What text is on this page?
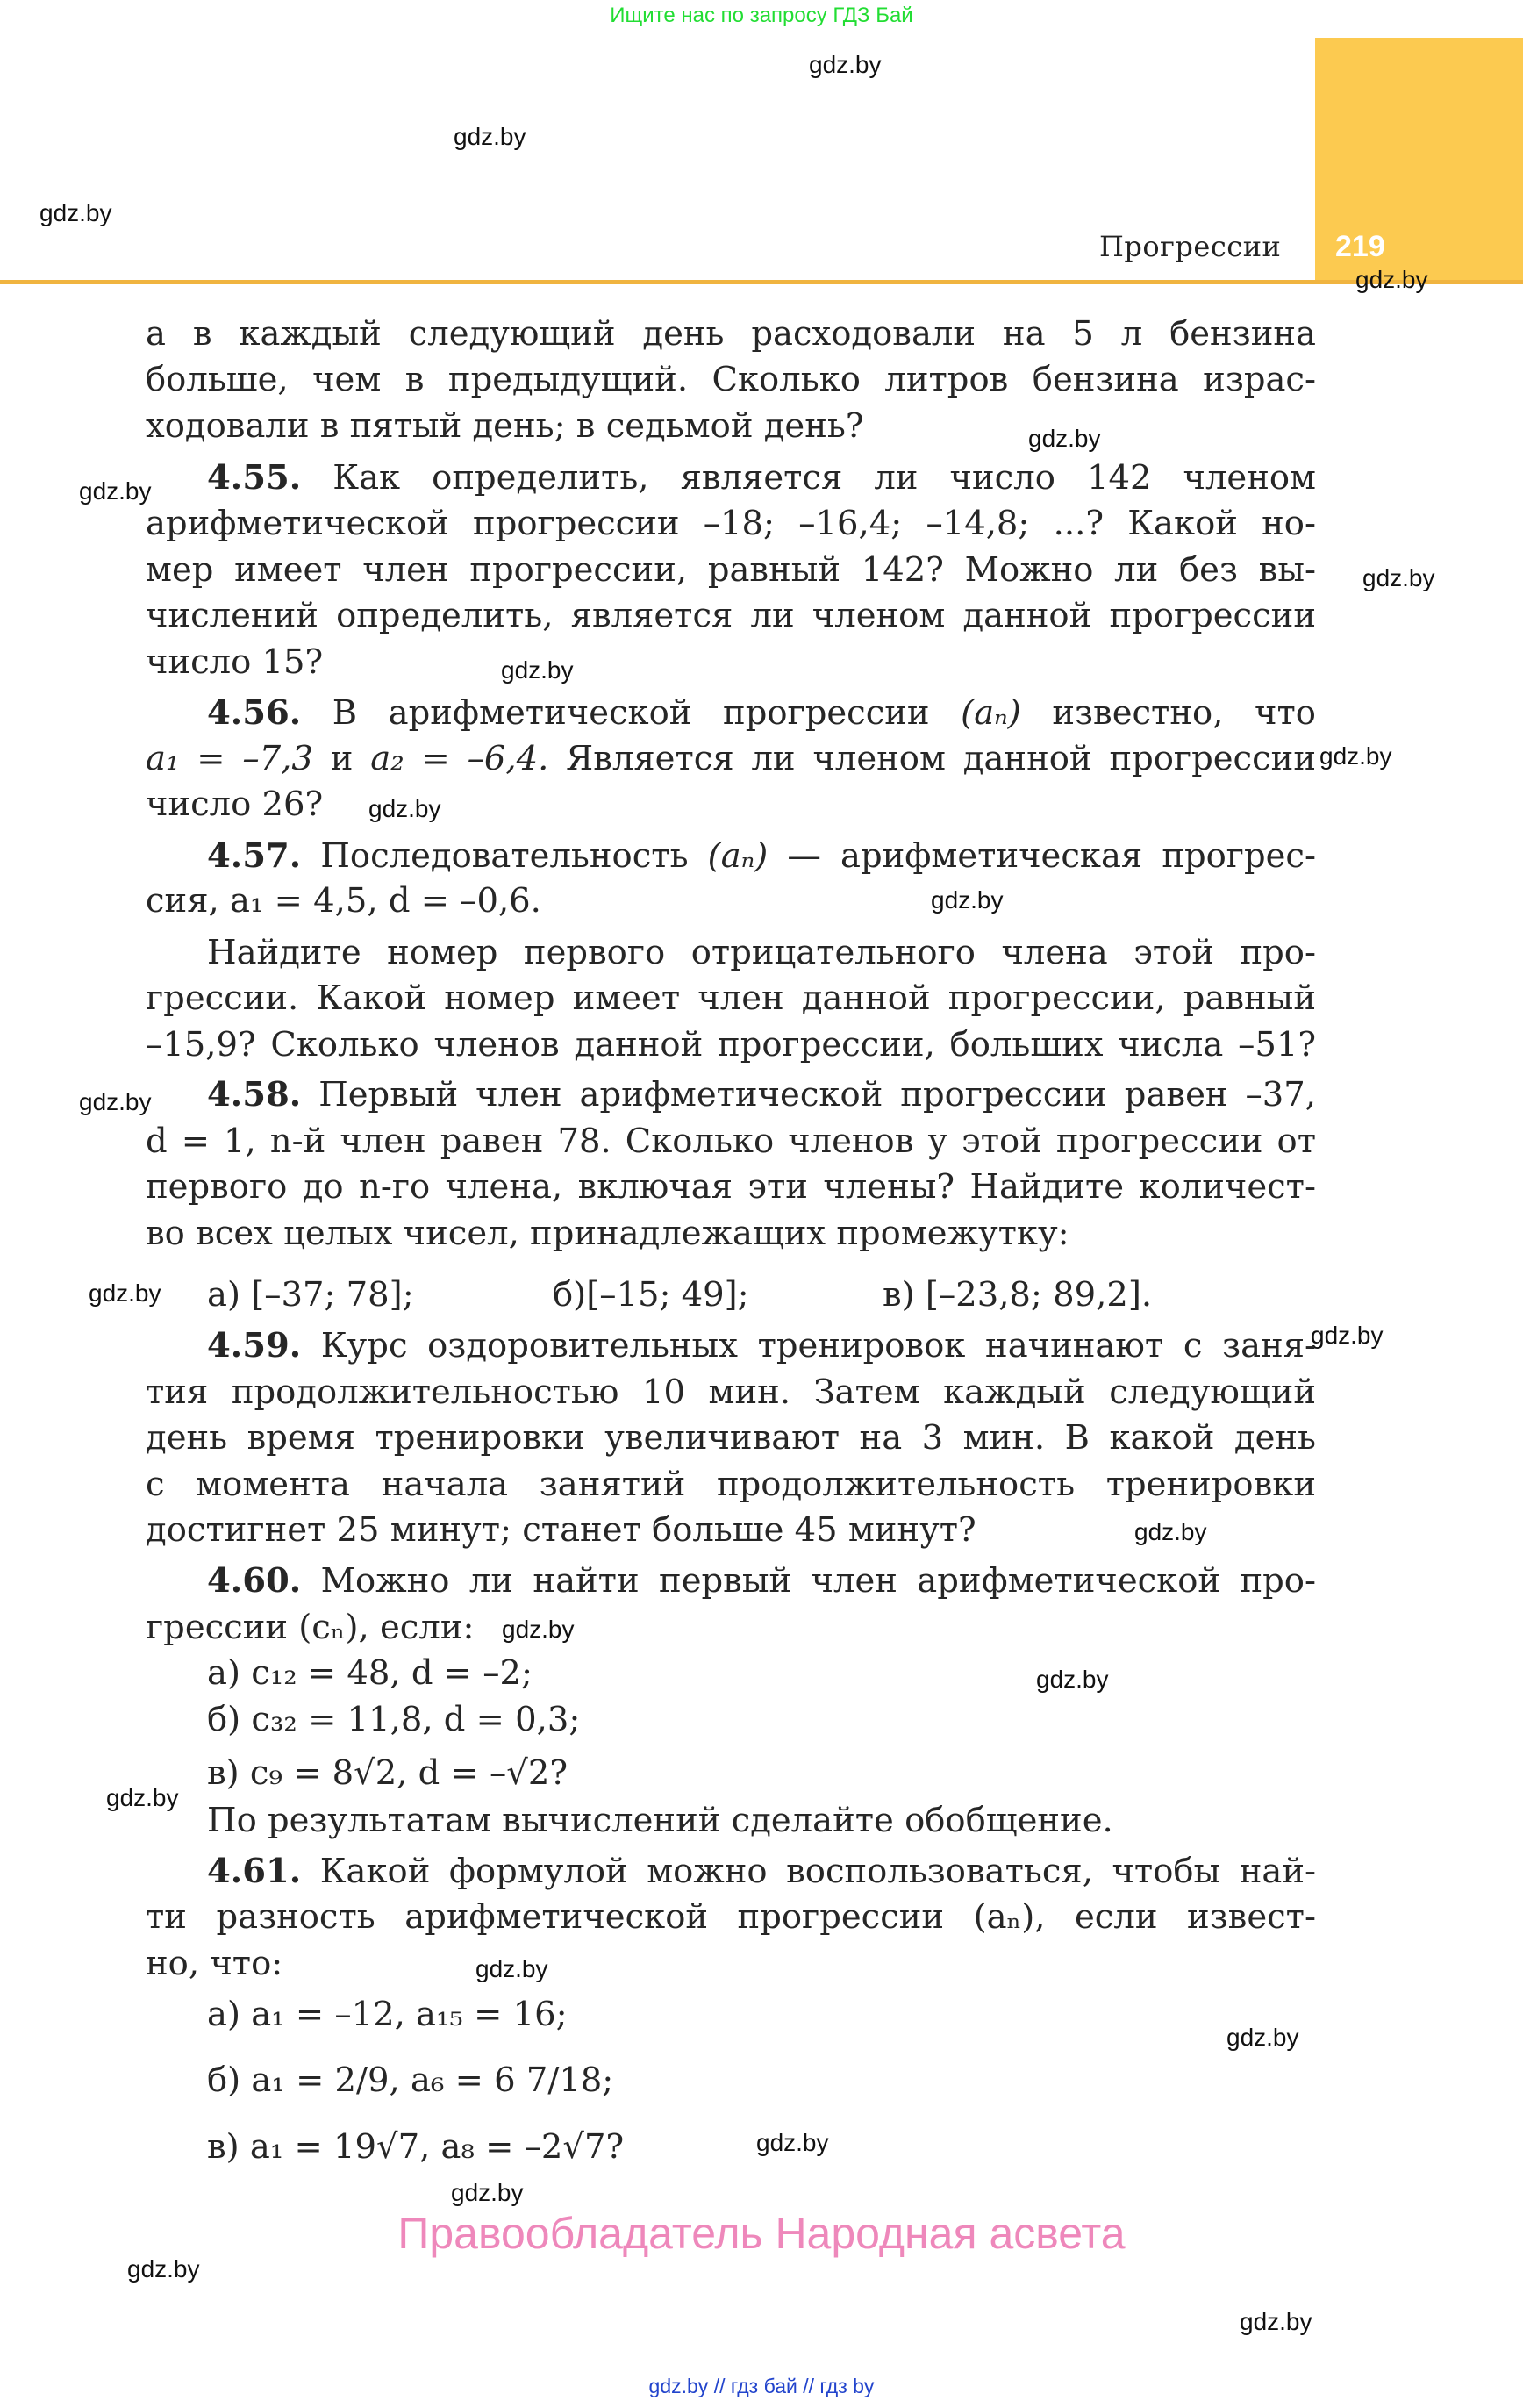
Ищите нас по запросу ГДЗ Бай
219
Прогрессии
gdz.by
gdz.by
gdz.by
gdz.by
gdz.by
gdz.by
gdz.by
gdz.by
gdz.by
gdz.by
gdz.by
gdz.by
gdz.by
gdz.by
gdz.by
gdz.by
gdz.by
gdz.by
gdz.by
gdz.by
gdz.by
gdz.by
gdz.by
gdz.by
а в каждый следующий день расходовали на 5 л бензина
больше, чем в предыдущий. Сколько литров бензина израс-
ходовали в пятый день; в седьмой день?
4.55. Как определить, является ли число 142 членом
арифметической прогрессии –18; –16,4; –14,8; ...? Какой но-
мер имеет член прогрессии, равный 142? Можно ли без вы-
числений определить, является ли членом данной прогрессии
число 15?
4.56. В арифметической прогрессии (aₙ) известно, что
a₁ = –7,3 и a₂ = –6,4. Является ли членом данной прогрессии
число 26?
4.57. Последовательность (aₙ) — арифметическая прогрес-
сия, a₁ = 4,5, d = –0,6.
Найдите номер первого отрицательного члена этой про-
грессии. Какой номер имеет член данной прогрессии, равный
–15,9? Сколько членов данной прогрессии, больших числа –51?
4.58. Первый член арифметической прогрессии равен –37,
d = 1, n-й член равен 78. Сколько членов у этой прогрессии от
первого до n-го члена, включая эти члены? Найдите количест-
во всех целых чисел, принадлежащих промежутку:
а) [–37; 78];	б)[–15; 49];	в) [–23,8; 89,2].
4.59. Курс оздоровительных тренировок начинают с заня-
тия продолжительностью 10 мин. Затем каждый следующий
день время тренировки увеличивают на 3 мин. В какой день
с момента начала занятий продолжительность тренировки
достигнет 25 минут; станет больше 45 минут?
4.60. Можно ли найти первый член арифметической про-
грессии (cₙ), если:
а) c₁₂ = 48, d = –2;
б) c₃₂ = 11,8, d = 0,3;
в) c₉ = 8√2, d = –√2?
По результатам вычислений сделайте обобщение.
4.61. Какой формулой можно воспользоваться, чтобы най-
ти разность арифметической прогрессии (aₙ), если извест-
но, что:
а) a₁ = –12, a₁₅ = 16;
б) a₁ = 2/9, a₆ = 6 7/18;
в) a₁ = 19√7, a₈ = –2√7?
Правообладатель Народная асвета
gdz.by // гдз бай // гдз by
